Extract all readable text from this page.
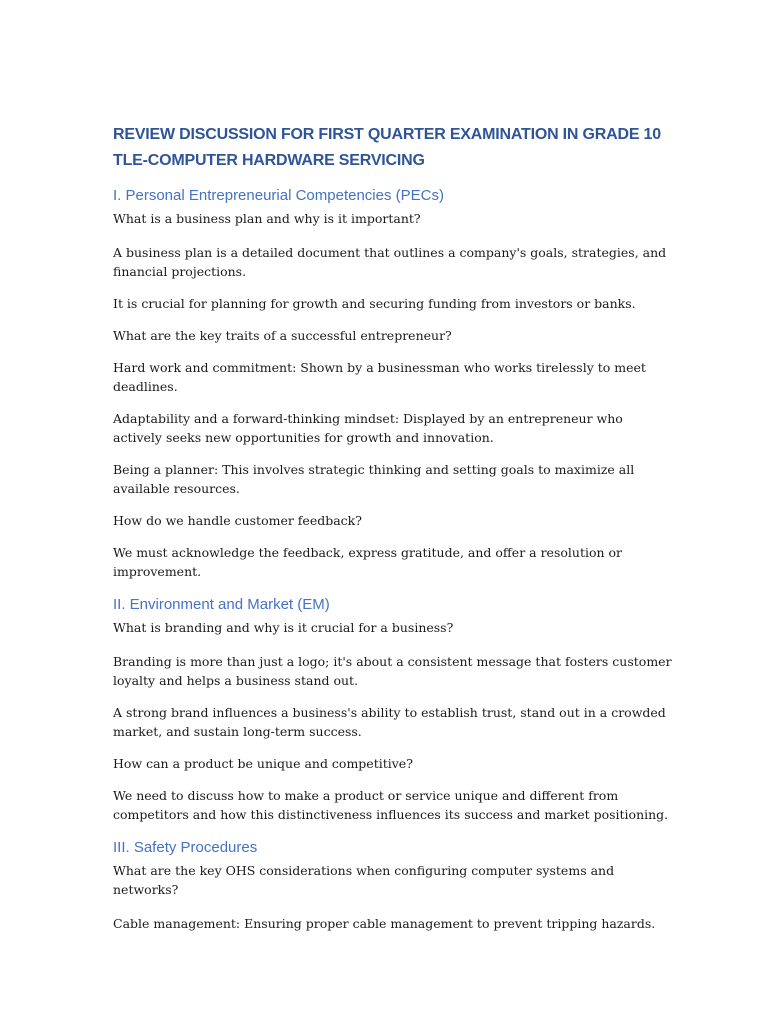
REVIEW DISCUSSION FOR FIRST QUARTER EXAMINATION IN GRADE 10
TLE-COMPUTER HARDWARE SERVICING
I. Personal Entrepreneurial Competencies (PECs)

What is a business plan and why is it important?

A business plan is a detailed document that outlines a company's goals, strategies, and financial projections.

It is crucial for planning for growth and securing funding from investors or banks.

What are the key traits of a successful entrepreneur?

Hard work and commitment: Shown by a businessman who works tirelessly to meet deadlines.

Adaptability and a forward-thinking mindset: Displayed by an entrepreneur who actively seeks new opportunities for growth and innovation.

Being a planner: This involves strategic thinking and setting goals to maximize all available resources.

How do we handle customer feedback?

We must acknowledge the feedback, express gratitude, and offer a resolution or improvement.

II. Environment and Market (EM)

What is branding and why is it crucial for a business?

Branding is more than just a logo; it's about a consistent message that fosters customer loyalty and helps a business stand out.

A strong brand influences a business's ability to establish trust, stand out in a crowded market, and sustain long-term success.

How can a product be unique and competitive?

We need to discuss how to make a product or service unique and different from competitors and how this distinctiveness influences its success and market positioning.

III. Safety Procedures

What are the key OHS considerations when configuring computer systems and networks?

Cable management: Ensuring proper cable management to prevent tripping hazards.
